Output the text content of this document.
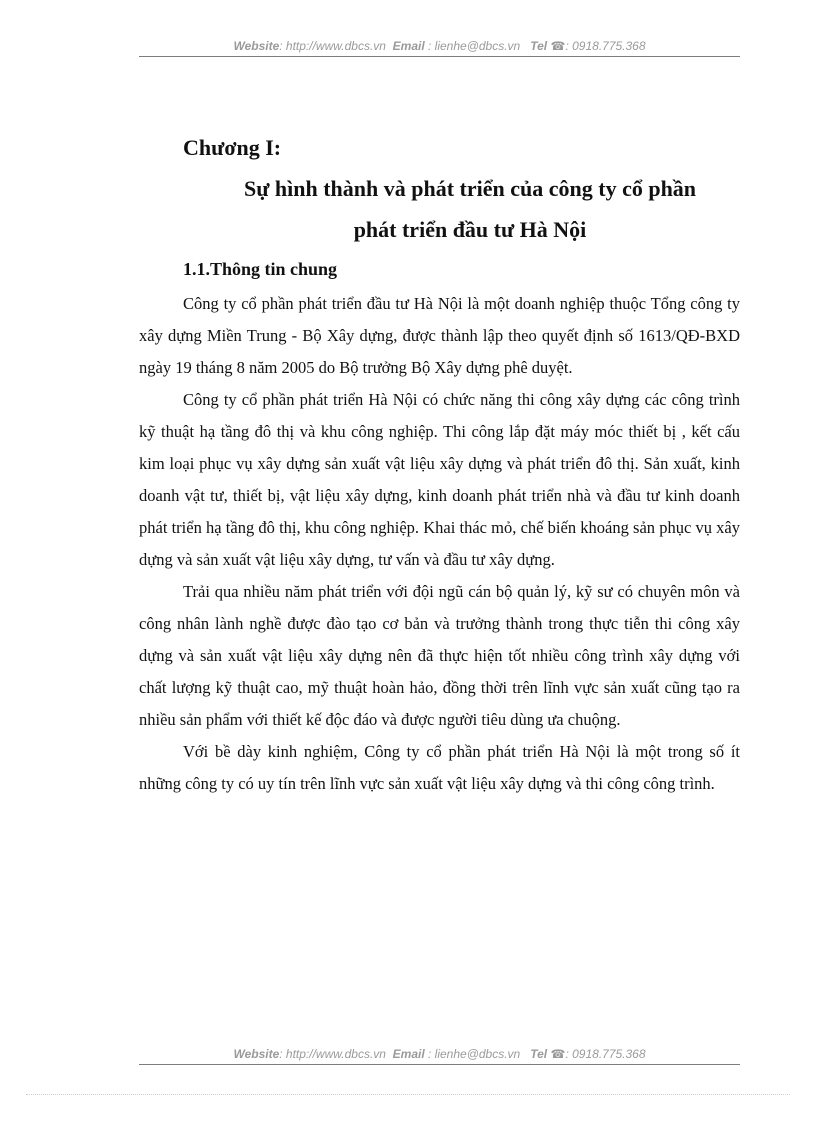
Website: http://www.dbcs.vn Email : lienhe@dbcs.vn Tel ☎: 0918.775.368
Chương I:
Sự hình thành và phát triển của công ty cổ phần
phát triển đầu tư Hà Nội
1.1.Thông tin chung

Công ty cổ phần phát triển đầu tư Hà Nội là một doanh nghiệp thuộc Tổng công ty xây dựng Miền Trung - Bộ Xây dựng, được thành lập theo quyết định số 1613/QĐ-BXD ngày 19 tháng 8 năm 2005 do Bộ trưởng Bộ Xây dựng phê duyệt.

Công ty cổ phần phát triển Hà Nội có chức năng thi công xây dựng các công trình kỹ thuật hạ tầng đô thị và khu công nghiệp. Thi công lắp đặt máy móc thiết bị , kết cấu kim loại phục vụ xây dựng sản xuất vật liệu xây dựng và phát triển đô thị. Sản xuất, kinh doanh vật tư, thiết bị, vật liệu xây dựng, kinh doanh phát triển nhà và đầu tư kinh doanh phát triển hạ tầng đô thị, khu công nghiệp. Khai thác mỏ, chế biến khoáng sản phục vụ xây dựng và sản xuất vật liệu xây dựng, tư vấn và đầu tư xây dựng.

Trải qua nhiều năm phát triển với đội ngũ cán bộ quản lý, kỹ sư có chuyên môn và công nhân lành nghề được đào tạo cơ bản và trưởng thành trong thực tiễn thi công xây dựng và sản xuất vật liệu xây dựng nên đã thực hiện tốt nhiều công trình xây dựng với chất lượng kỹ thuật cao, mỹ thuật hoàn hảo, đồng thời trên lĩnh vực sản xuất cũng tạo ra nhiều sản phẩm với thiết kế độc đáo và được người tiêu dùng ưa chuộng.

Với bề dày kinh nghiệm, Công ty cổ phần phát triển Hà Nội là một trong số ít những công ty có uy tín trên lĩnh vực sản xuất vật liệu xây dựng và thi công công trình.

Website: http://www.dbcs.vn Email : lienhe@dbcs.vn Tel ☎: 0918.775.368
